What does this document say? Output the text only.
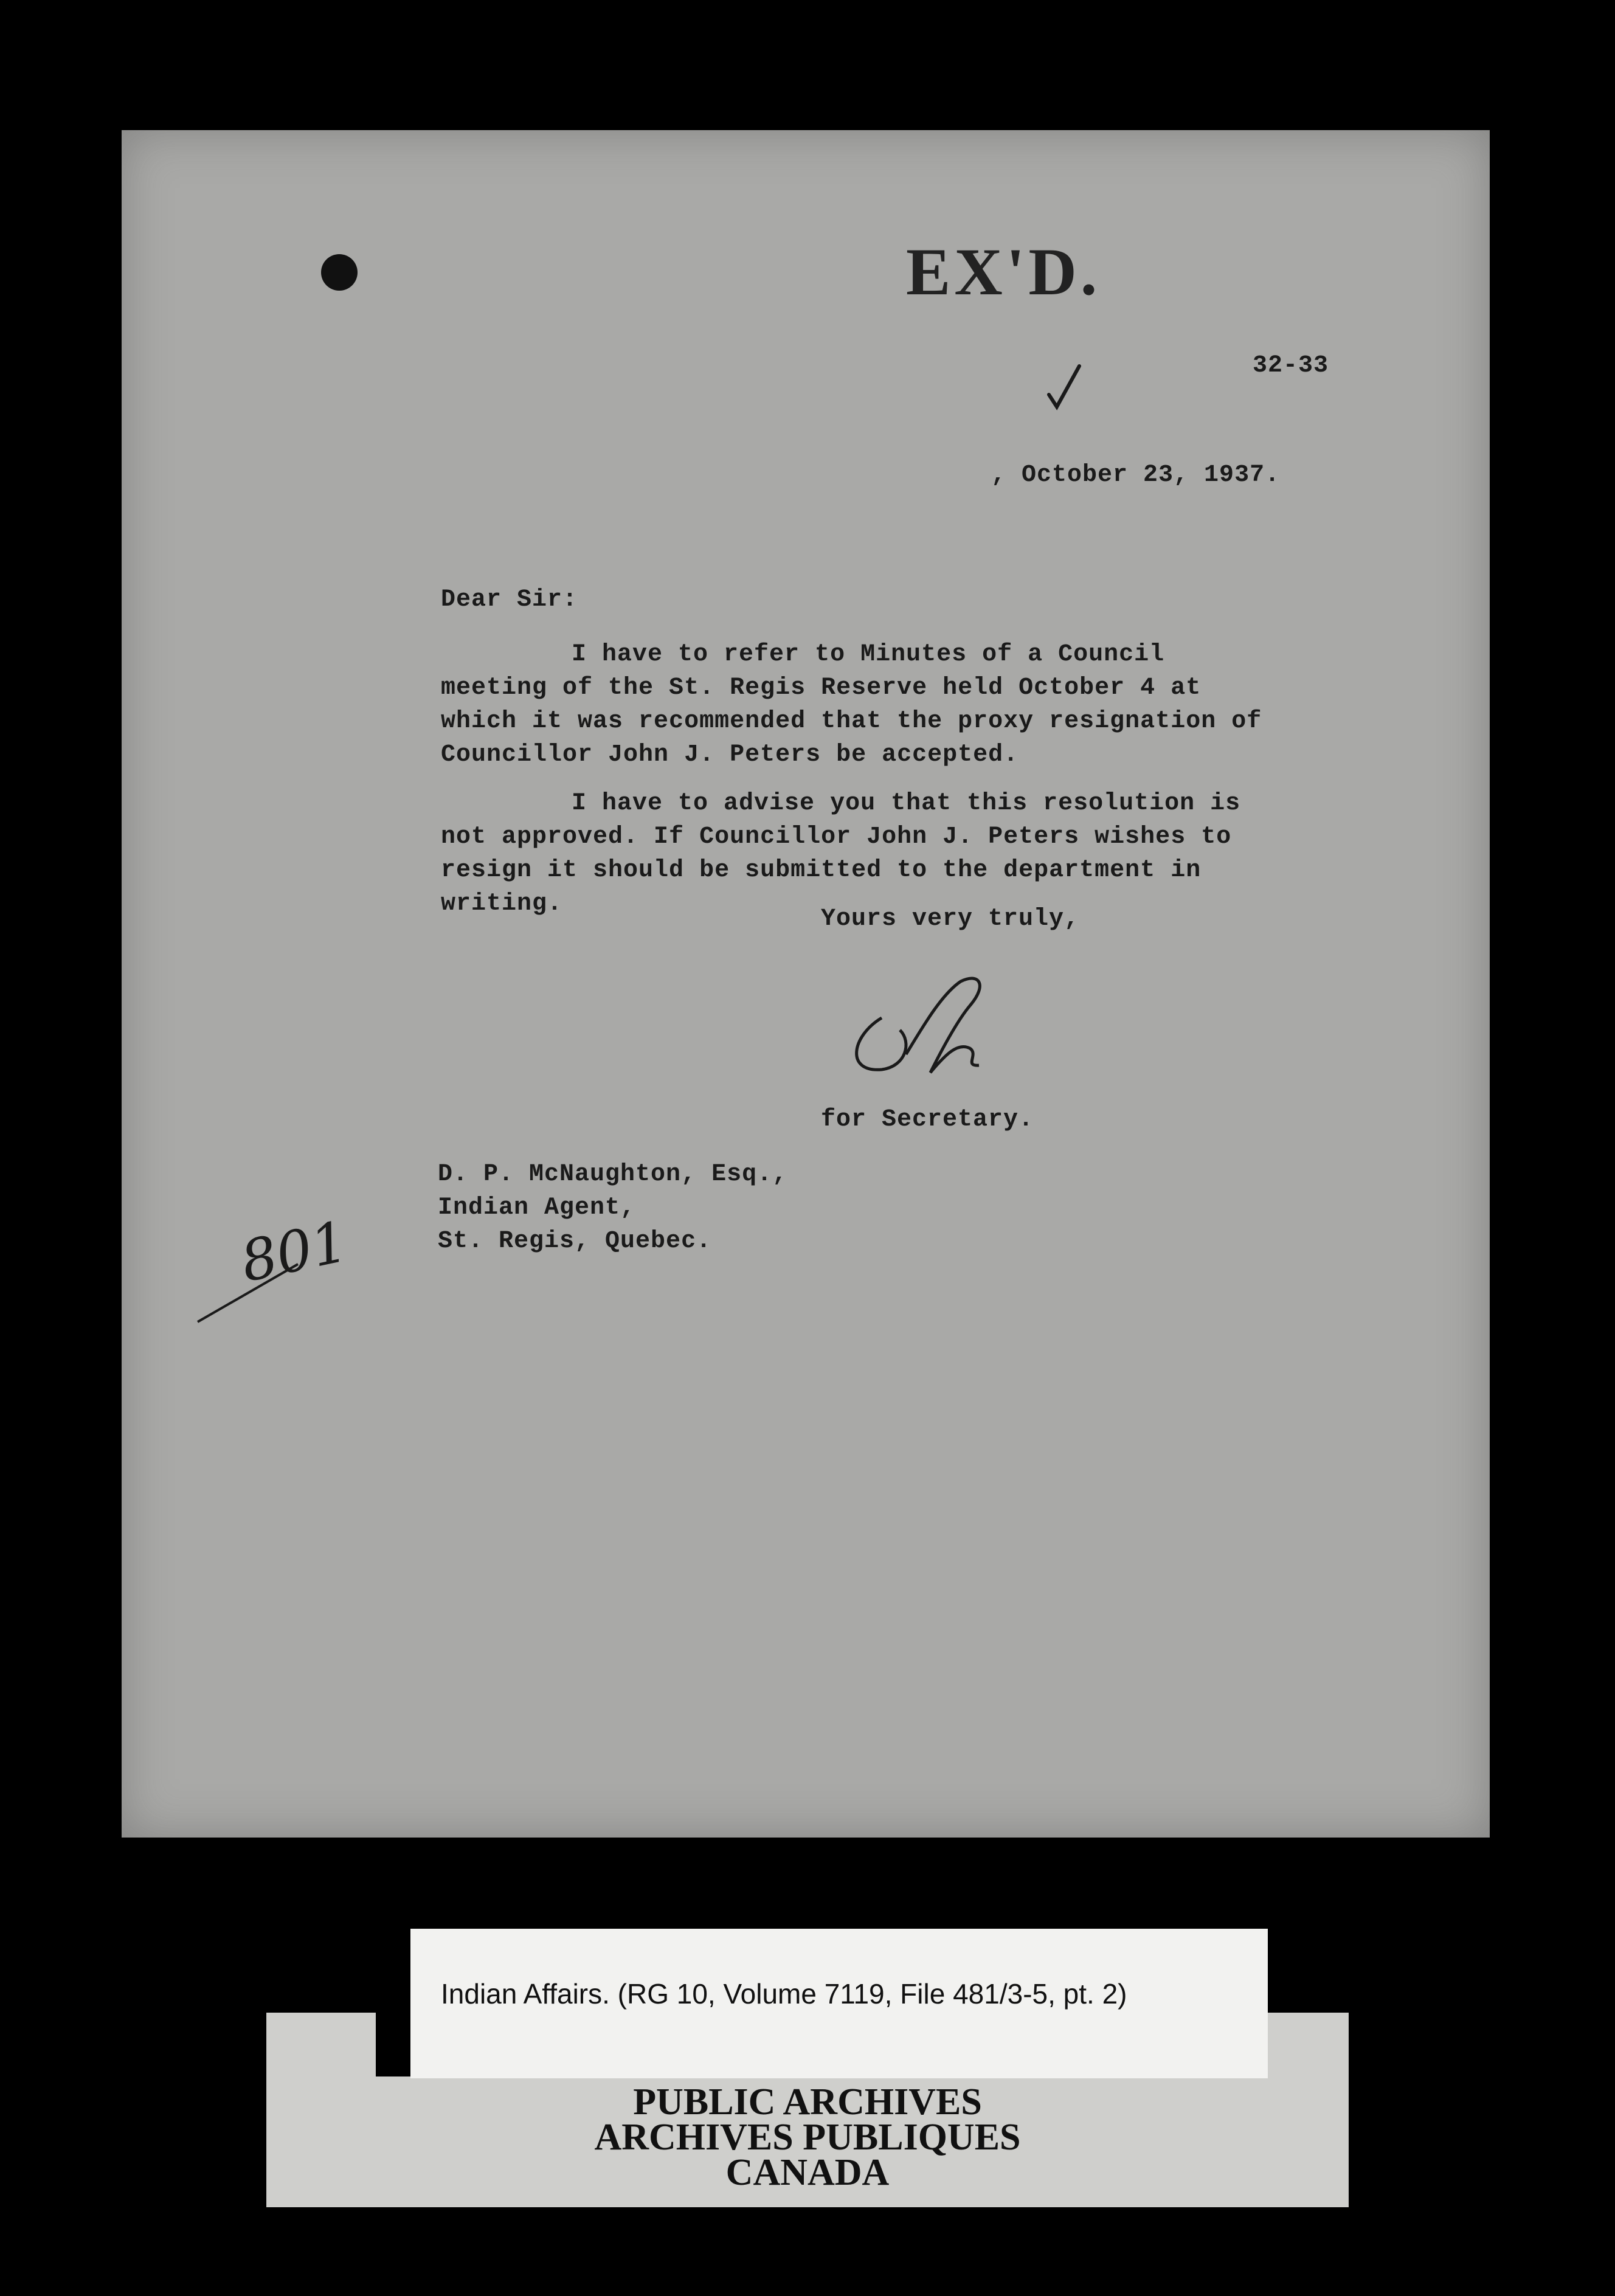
EX'D.
32-33
, October 23, 1937.
Dear Sir:
I have to refer to Minutes of a Council meeting of the St. Regis Reserve held October 4 at which it was recommended that the proxy resignation of Councillor John J. Peters be accepted.
I have to advise you that this resolution is not approved. If Councillor John J. Peters wishes to resign it should be submitted to the department in writing.
Yours very truly,
for Secretary.
D. P. McNaughton, Esq.,
Indian Agent,
St. Regis, Quebec.
801
Indian Affairs. (RG 10, Volume 7119, File 481/3-5, pt. 2)
PUBLIC ARCHIVES
ARCHIVES PUBLIQUES
CANADA
